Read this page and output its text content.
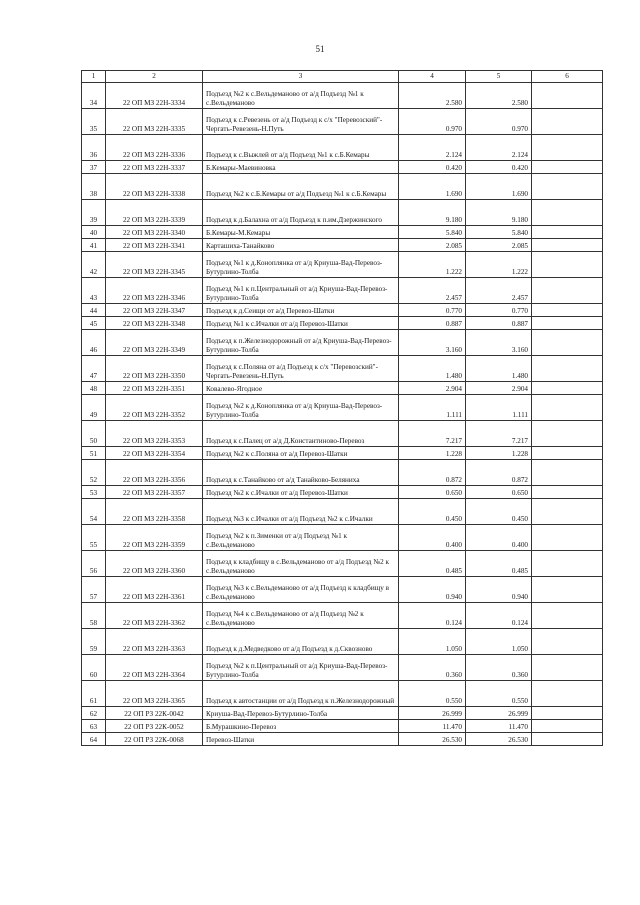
51
1	2	3	4	5	6
34	22 ОП МЗ 22Н-3334	Подъезд №2 к с.Вельдеманово от а/д Подъезд №1 к с.Вельдеманово	2.580	2.580	
35	22 ОП МЗ 22Н-3335	Подъезд к с.Ревезень от а/д Подъезд к с/х "Перевозский"-Чергать-Ревезень-Н.Путь	0.970	0.970	
36	22 ОП МЗ 22Н-3336	Подъезд к с.Выжлей от а/д Подъезд №1 к с.Б.Кемары	2.124	2.124	
37	22 ОП МЗ 22Н-3337	Б.Кемары-Маевиновка	0.420	0.420	
38	22 ОП МЗ 22Н-3338	Подъезд №2 к с.Б.Кемары от а/д Подъезд №1 к с.Б.Кемары	1.690	1.690	
39	22 ОП МЗ 22Н-3339	Подъезд к д.Балахна от а/д Подъезд к п.им.Дзержинского	9.180	9.180	
40	22 ОП МЗ 22Н-3340	Б.Кемары-М.Кемары	5.840	5.840	
41	22 ОП МЗ 22Н-3341	Карташиха-Танайково	2.085	2.085	
42	22 ОП МЗ 22Н-3345	Подъезд №1 к д.Коноплянка от а/д Криуша-Вад-Перевоз-Бутурлино-Толба	1.222	1.222	
43	22 ОП МЗ 22Н-3346	Подъезд №1 к п.Центральный от а/д Криуша-Вад-Перевоз-Бутурлино-Толба	2.457	2.457	
44	22 ОП МЗ 22Н-3347	Подъезд к д.Сеищи от а/д Перевоз-Шатки	0.770	0.770	
45	22 ОП МЗ 22Н-3348	Подъезд №1 к с.Ичалки от а/д Перевоз-Шатки	0.887	0.887	
46	22 ОП МЗ 22Н-3349	Подъезд к п.Железнодорожный от а/д Криуша-Вад-Перевоз-Бутурлино-Толба	3.160	3.160	
47	22 ОП МЗ 22Н-3350	Подъезд к с.Поляна от а/д Подъезд к с/х "Перевозский"-Чергать-Ревезень-Н.Путь	1.480	1.480	
48	22 ОП МЗ 22Н-3351	Ковалево-Ягодное	2.904	2.904	
49	22 ОП МЗ 22Н-3352	Подъезд №2 к д.Коноплянка от а/д Криуша-Вад-Перевоз-Бутурлино-Толба	1.111	1.111	
50	22 ОП МЗ 22Н-3353	Подъезд к с.Палец от а/д Д.Константиново-Перевоз	7.217	7.217	
51	22 ОП МЗ 22Н-3354	Подъезд №2 к с.Поляна от а/д Перевоз-Шатки	1.228	1.228	
52	22 ОП МЗ 22Н-3356	Подъезд к с.Танайково от а/д Танайково-Белянихa	0.872	0.872	
53	22 ОП МЗ 22Н-3357	Подъезд №2 к с.Ичалки от а/д Перевоз-Шатки	0.650	0.650	
54	22 ОП МЗ 22Н-3358	Подъезд №3 к с.Ичалки от а/д Подъезд №2 к с.Ичалки	0.450	0.450	
55	22 ОП МЗ 22Н-3359	Подъезд №2 к п.Зименки от а/д Подъезд №1 к с.Вельдеманово	0.400	0.400	
56	22 ОП МЗ 22Н-3360	Подъезд к кладбищу в с.Вельдеманово от а/д Подъезд №2 к с.Вельдеманово	0.485	0.485	
57	22 ОП МЗ 22Н-3361	Подъезд №3 к с.Вельдеманово от а/д Подъезд к кладбищу в с.Вельдеманово	0.940	0.940	
58	22 ОП МЗ 22Н-3362	Подъезд №4 к с.Вельдеманово от а/д Подъезд №2 к с.Вельдеманово	0.124	0.124	
59	22 ОП МЗ 22Н-3363	Подъезд к д.Медведково от а/д Подъезд к д.Сквозново	1.050	1.050	
60	22 ОП МЗ 22Н-3364	Подъезд №2 к п.Центральный от а/д Криуша-Вад-Перевоз-Бутурлино-Толба	0.360	0.360	
61	22 ОП МЗ 22Н-3365	Подъезд к автостанции от а/д Подъезд к п.Железнодорожный	0.550	0.550	
62	22 ОП РЗ 22К-0042	Криуша-Вад-Перевоз-Бутурлино-Толба	26.999	26.999	
63	22 ОП РЗ 22К-0052	Б.Мурашкино-Перевоз	11.470	11.470	
64	22 ОП РЗ 22К-0068	Перевоз-Шатки	26.530	26.530	
